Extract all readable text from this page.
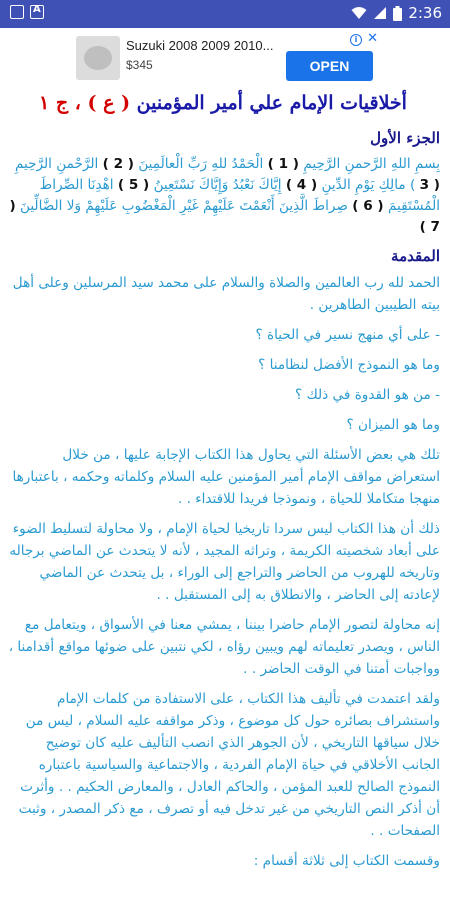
A
2:36
Suzuki 2008 2009 2010...
$345
i ✕
OPEN
أخلاقيات الإمام علي أمير المؤمنين ( ع ) ، ج ١
الجزء الأول

بِسمِ اللهِ الرَّحمنِ الرَّحِيمِ ( 1 ) الْحَمْدُ للهِ رَبِّ الْعالَمِينَ ( 2 ) الرَّحْمنِ الرَّحِيمِ ( 3 ) مالِكِ يَوْمِ الدِّينِ ( 4 ) إِيَّاكَ نَعْبُدُ وَإِيَّاكَ نَسْتَعِينُ ( 5 ) اهْدِنَا الصِّراطَ الْمُسْتَقِيمَ ( 6 ) صِراطَ الَّذِينَ أَنْعَمْتَ عَلَيْهِمْ غَيْرِ الْمَغْضُوبِ عَلَيْهِمْ وَلا الضَّالِّينَ ( 7 )

المقدمة

الحمد لله رب العالمين والصلاة والسلام على محمد سيد المرسلين وعلى أهل بيته الطيبين الطاهرين .

- على أي منهج نسير في الحياة ؟

وما هو النموذج الأفضل لنظامنا ؟

- من هو القدوة في ذلك ؟

وما هو الميزان ؟

تلك هي بعض الأسئلة التي يحاول هذا الكتاب الإجابة عليها ، من خلال استعراض مواقف الإمام أمير المؤمنين عليه السلام وكلماته وحكمه ، باعتبارها منهجا متكاملا للحياة ، ونموذجا فريدا للاقتداء . .

ذلك أن هذا الكتاب ليس سردا تاريخيا لحياة الإمام ، ولا محاولة لتسليط الضوء على أبعاد شخصيته الكريمة ، وتراثه المجيد ، لأنه لا يتحدث عن الماضي برجاله وتاريخه للهروب من الحاضر والتراجع إلى الوراء ، بل يتحدث عن الماضي لإعادته إلى الحاضر ، والانطلاق به إلى المستقبل . .

إنه محاولة لتصور الإمام حاضرا بيننا ، يمشي معنا في الأسواق ، ويتعامل مع الناس ، ويصدر تعليماته لهم ويبين رؤاه ، لكي نتبين على ضوئها مواقع أقدامنا ، وواجبات أمتنا في الوقت الحاضر . .

ولقد اعتمدت في تأليف هذا الكتاب ، على الاستفادة من كلمات الإمام واستشراف بصائره حول كل موضوع ، وذكر مواقفه عليه السلام ، ليس من خلال سياقها التاريخي ، لأن الجوهر الذي انصب التأليف عليه كان توضيح الجانب الأخلاقي في حياة الإمام الفردية ، والاجتماعية والسياسية باعتباره النموذج الصالح للعبد المؤمن ، والحاكم العادل ، والمعارض الحكيم . . وأثرت أن أذكر النص التاريخي من غير تدخل فيه أو تصرف ، مع ذكر المصدر ، وثبت الصفحات . .

وقسمت الكتاب إلى ثلاثة أقسام :
